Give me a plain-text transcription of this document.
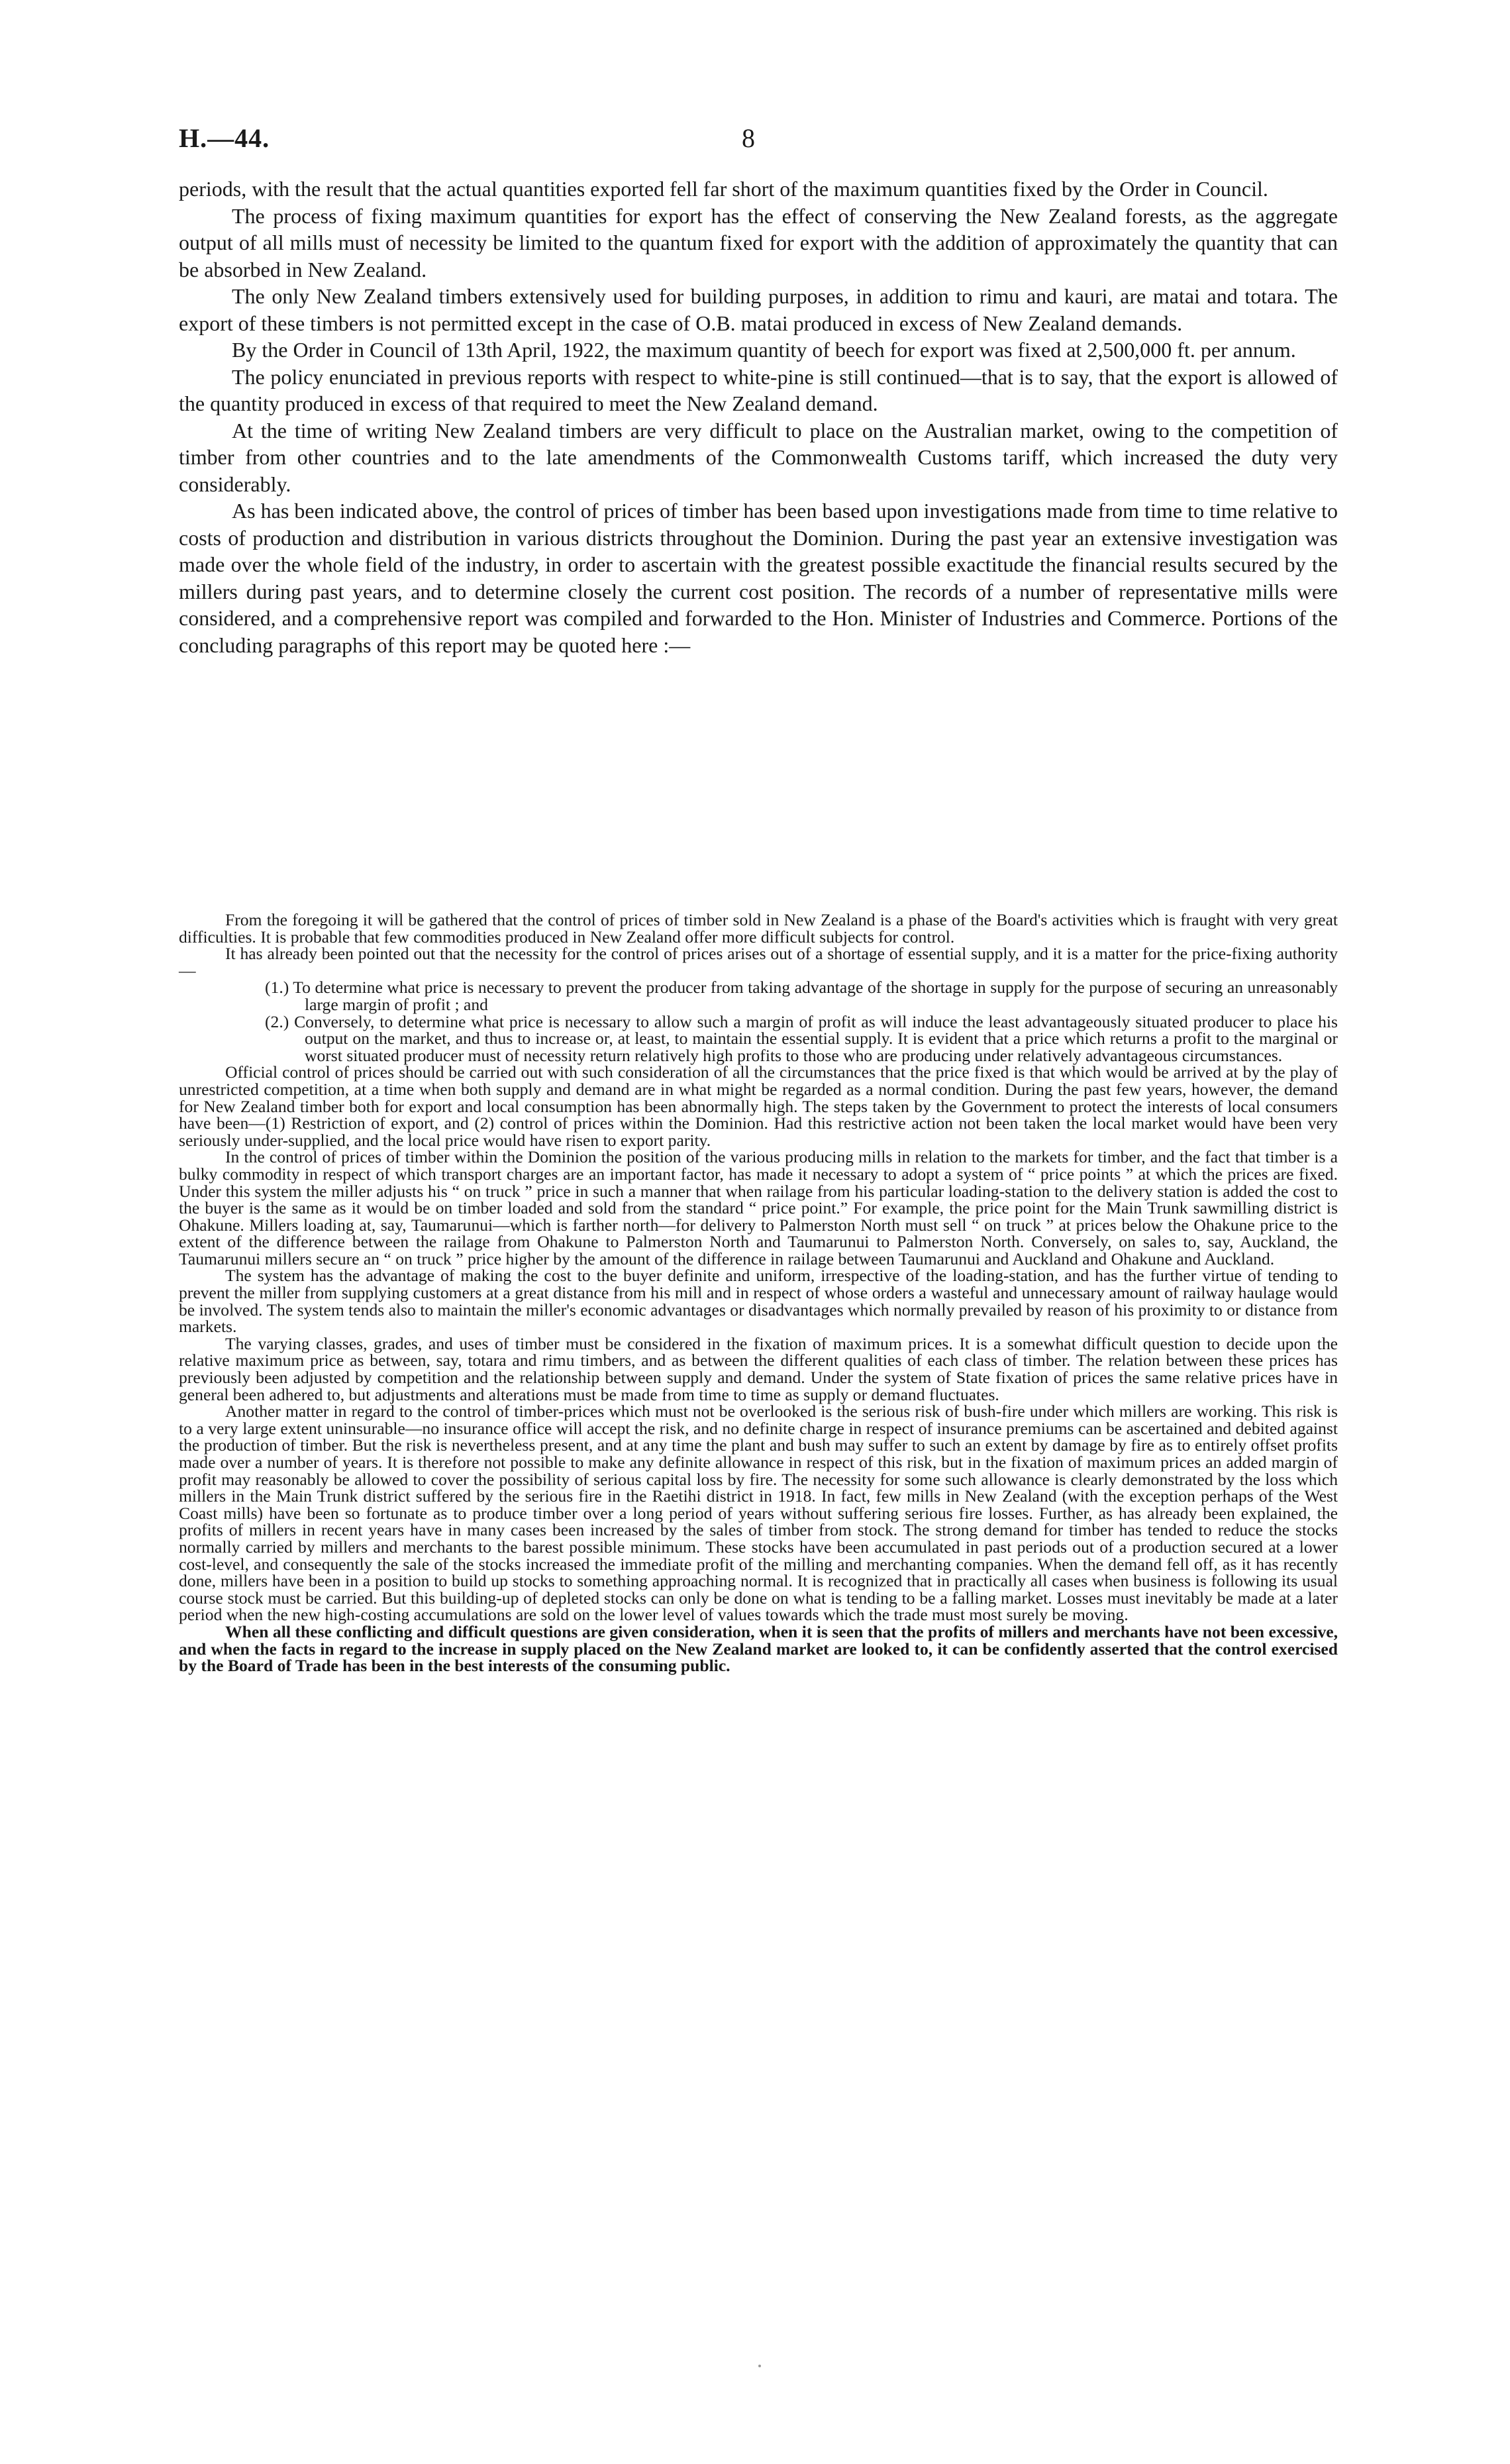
H.—44.	8

periods, with the result that the actual quantities exported fell far short of the maximum quantities fixed by the Order in Council.

The process of fixing maximum quantities for export has the effect of conserving the New Zealand forests, as the aggregate output of all mills must of necessity be limited to the quantum fixed for export with the addition of approximately the quantity that can be absorbed in New Zealand.

The only New Zealand timbers extensively used for building purposes, in addition to rimu and kauri, are matai and totara. The export of these timbers is not permitted except in the case of O.B. matai produced in excess of New Zealand demands.

By the Order in Council of 13th April, 1922, the maximum quantity of beech for export was fixed at 2,500,000 ft. per annum.

The policy enunciated in previous reports with respect to white-pine is still continued—that is to say, that the export is allowed of the quantity produced in excess of that required to meet the New Zealand demand.

At the time of writing New Zealand timbers are very difficult to place on the Australian market, owing to the competition of timber from other countries and to the late amendments of the Commonwealth Customs tariff, which increased the duty very considerably.

As has been indicated above, the control of prices of timber has been based upon investigations made from time to time relative to costs of production and distribution in various districts throughout the Dominion. During the past year an extensive investigation was made over the whole field of the industry, in order to ascertain with the greatest possible exactitude the financial results secured by the millers during past years, and to determine closely the current cost position. The records of a number of representative mills were considered, and a comprehensive report was compiled and forwarded to the Hon. Minister of Industries and Commerce. Portions of the concluding paragraphs of this report may be quoted here :—

From the foregoing it will be gathered that the control of prices of timber sold in New Zealand is a phase of the Board's activities which is fraught with very great difficulties. It is probable that few commodities produced in New Zealand offer more difficult subjects for control.

It has already been pointed out that the necessity for the control of prices arises out of a shortage of essential supply, and it is a matter for the price-fixing authority—

(1.) To determine what price is necessary to prevent the producer from taking advantage of the shortage in supply for the purpose of securing an unreasonably large margin of profit ; and

(2.) Conversely, to determine what price is necessary to allow such a margin of profit as will induce the least advantageously situated producer to place his output on the market, and thus to increase or, at least, to maintain the essential supply. It is evident that a price which returns a profit to the marginal or worst situated producer must of necessity return relatively high profits to those who are producing under relatively advantageous circumstances.

Official control of prices should be carried out with such consideration of all the circumstances that the price fixed is that which would be arrived at by the play of unrestricted competition, at a time when both supply and demand are in what might be regarded as a normal condition. During the past few years, however, the demand for New Zealand timber both for export and local consumption has been abnormally high. The steps taken by the Government to protect the interests of local consumers have been—(1) Restriction of export, and (2) control of prices within the Dominion. Had this restrictive action not been taken the local market would have been very seriously under-supplied, and the local price would have risen to export parity.

In the control of prices of timber within the Dominion the position of the various producing mills in relation to the markets for timber, and the fact that timber is a bulky commodity in respect of which transport charges are an important factor, has made it necessary to adopt a system of “ price points ” at which the prices are fixed. Under this system the miller adjusts his “ on truck ” price in such a manner that when railage from his particular loading-station to the delivery station is added the cost to the buyer is the same as it would be on timber loaded and sold from the standard “ price point.” For example, the price point for the Main Trunk sawmilling district is Ohakune. Millers loading at, say, Taumarunui—which is farther north—for delivery to Palmerston North must sell “ on truck ” at prices below the Ohakune price to the extent of the difference between the railage from Ohakune to Palmerston North and Taumarunui to Palmerston North. Conversely, on sales to, say, Auckland, the Taumarunui millers secure an “ on truck ” price higher by the amount of the difference in railage between Taumarunui and Auckland and Ohakune and Auckland.

The system has the advantage of making the cost to the buyer definite and uniform, irrespective of the loading-station, and has the further virtue of tending to prevent the miller from supplying customers at a great distance from his mill and in respect of whose orders a wasteful and unnecessary amount of railway haulage would be involved. The system tends also to maintain the miller's economic advantages or disadvantages which normally prevailed by reason of his proximity to or distance from markets.

The varying classes, grades, and uses of timber must be considered in the fixation of maximum prices. It is a somewhat difficult question to decide upon the relative maximum price as between, say, totara and rimu timbers, and as between the different qualities of each class of timber. The relation between these prices has previously been adjusted by competition and the relationship between supply and demand. Under the system of State fixation of prices the same relative prices have in general been adhered to, but adjustments and alterations must be made from time to time as supply or demand fluctuates.

Another matter in regard to the control of timber-prices which must not be overlooked is the serious risk of bush-fire under which millers are working. This risk is to a very large extent uninsurable—no insurance office will accept the risk, and no definite charge in respect of insurance premiums can be ascertained and debited against the production of timber. But the risk is nevertheless present, and at any time the plant and bush may suffer to such an extent by damage by fire as to entirely offset profits made over a number of years. It is therefore not possible to make any definite allowance in respect of this risk, but in the fixation of maximum prices an added margin of profit may reasonably be allowed to cover the possibility of serious capital loss by fire. The necessity for some such allowance is clearly demonstrated by the loss which millers in the Main Trunk district suffered by the serious fire in the Raetihi district in 1918. In fact, few mills in New Zealand (with the exception perhaps of the West Coast mills) have been so fortunate as to produce timber over a long period of years without suffering serious fire losses. Further, as has already been explained, the profits of millers in recent years have in many cases been increased by the sales of timber from stock. The strong demand for timber has tended to reduce the stocks normally carried by millers and merchants to the barest possible minimum. These stocks have been accumulated in past periods out of a production secured at a lower cost-level, and consequently the sale of the stocks increased the immediate profit of the milling and merchanting companies. When the demand fell off, as it has recently done, millers have been in a position to build up stocks to something approaching normal. It is recognized that in practically all cases when business is following its usual course stock must be carried. But this building-up of depleted stocks can only be done on what is tending to be a falling market. Losses must inevitably be made at a later period when the new high-costing accumulations are sold on the lower level of values towards which the trade must most surely be moving.

When all these conflicting and difficult questions are given consideration, when it is seen that the profits of millers and merchants have not been excessive, and when the facts in regard to the increase in supply placed on the New Zealand market are looked to, it can be confidently asserted that the control exercised by the Board of Trade has been in the best interests of the consuming public.
